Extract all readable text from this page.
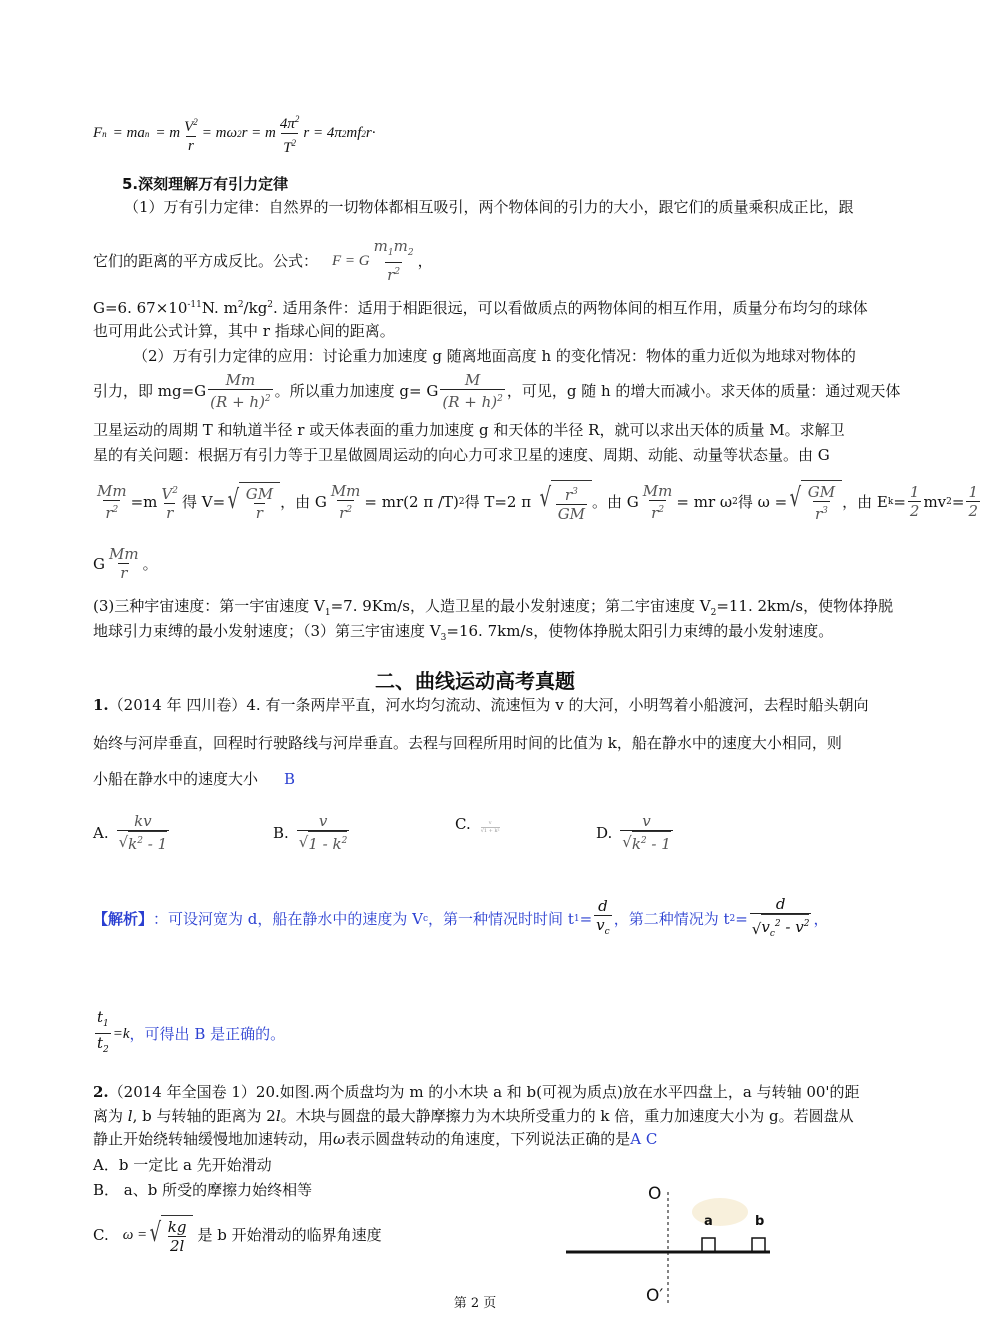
F n = ma n = m $\frac{V^2}{r} = m\omega$ 2 r = m
$4\pi^2$
$T^2$
r = 4π 2 mf 2 r ·
5.深刻理解万有引力定律
（1）万有引力定律：自然界的一切物体都相互吸引，两个物体间的引力的大小，跟它们的质量乘积成正比，跟
它们的距离的平方成反比。公式： F = G
$m_1m_2$
$r^2$
，
G=6. $67\times 10^{-11}N$. $m^2/kg^2$. 适用条件：适用于相距很远，可以看做质点的两物体间的相互作用，质量分布均匀的球体
也可用此公式计算，其中 r 指球心间的距离。
（2）万有引力定律的应用：讨论重力加速度 g 随离地面高度 h 的变化情况：物体的重力近似为地球对物体的
引力，即 mg=G
Mm
$(R + h)^2$ 。所以重力加速度 g= G
M
$(R + h)^2$ ，可见，g 随 h 的增大而减小。求天体的质量：通过观天体
卫星运动的周期 T 和轨道半径 r 或天体表面的重力加速度 g 和天体的半径 R，就可以求出天体的质量 M。求解卫
星的有关问题：根据万有引力等于卫星做圆周运动的向心力可求卫星的速度、周期、动能、动量等状态量。由 G
$\frac{Mm}{r^2} =m$ $V^2$
r
得 V= √ $\frac{GM}{r}$ ，由 G $\frac{Mm}{r^2} = mr(2$ π /T) 2 得 T=2 π √ $r^3$
GM
。由 G $\frac{Mm}{r^2}$ = mr ω 2 得 ω = √ GM
$r^3$
，由 E $k = \frac{1}{2}$ mv $2 = \frac{1}{2}$
G $\frac{Mm}{r}$ 。
(3)三种宇宙速度：第一宇宙速度 $V_1=7$. 9Km/s，人造卫星的最小发射速度；第二宇宙速度 $V_2=11$. 2km/s，使物体挣脱
地球引力束缚的最小发射速度；（3）第三宇宙速度 $V_3=16$. 7km/s，使物体挣脱太阳引力束缚的最小发射速度。
二、曲线运动高考真题
1.（2014 年 四川卷）4. 有一条两岸平直，河水均匀流动、流速恒为 v 的大河，小明驾着小船渡河，去程时船头朝向
始终与河岸垂直，回程时行驶路线与河岸垂直。去程与回程所用时间的比值为 k，船在静水中的速度大小相同，则
小船在静水中的速度大小 B
A.
kv
√ $k^2 - 1$
B.
v
√ $1 - k^2$
C. $\frac{v}{\text{√1 + k²}}$	D.
v
√ $k^2 - 1$
【解析】 ：可设河宽为 d，船在静水中的速度为 V c ，第一种情况时时间 t $1 = \frac{d}{v_c}$ ，第二种情况为 t $2 = \frac{d}{√ v_c^2 - v^2}$ ，
$\frac{t_1}{t_2} =k$ ，可得出 B 是正确的。
2.（2014 年全国卷 1）20.如图.两个质盘均为 m 的小木块 a 和 b(可视为质点)放在水平四盘上，a 与转轴 00'的距
离为 l, b 与转轴的距离为 2l。木块与圆盘的最大静摩擦力为木块所受重力的 k 倍，重力加速度大小为 g。若圆盘从
静止开始绕转轴缓慢地加速转动，用ω表示圆盘转动的角速度，下列说法正确的是A C
A．b 一定比 a 先开始滑动
B． a、b 所受的摩擦力始终相等
C. ω = √ $\frac{kg}{2l}$ 是 b 开始滑动的临界角速度
O
O′
a	b
第 2 页
